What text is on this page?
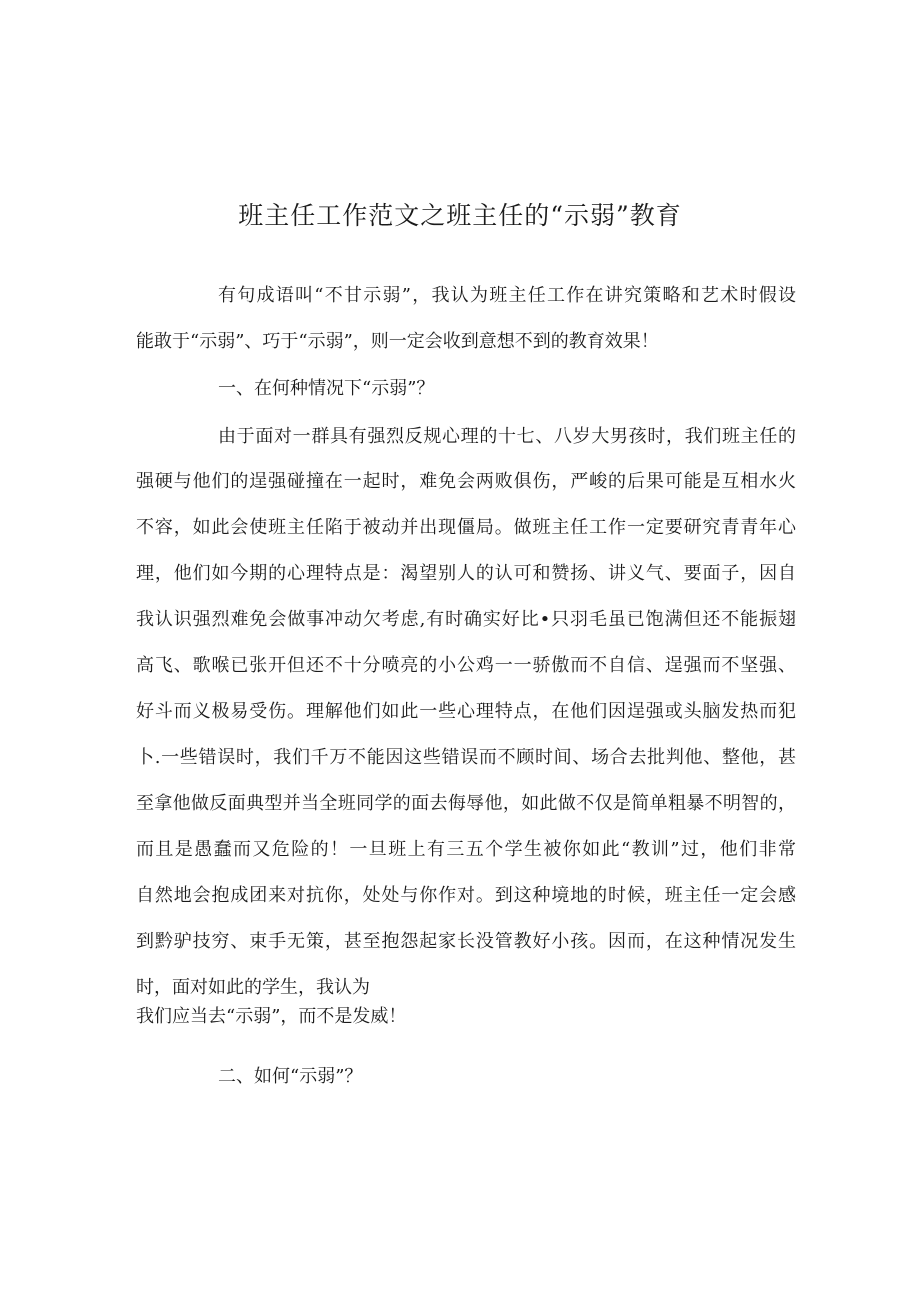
班主任工作范文之班主任的“示弱”教育
有句成语叫“不甘示弱”，我认为班主任工作在讲究策略和艺术时假设
能敢于“示弱”、巧于“示弱”，则一定会收到意想不到的教育效果！
一、在何种情况下“示弱”？
由于面对一群具有强烈反规心理的十七、八岁大男孩时，我们班主任的
强硬与他们的逞强碰撞在一起时，难免会两败俱伤，严峻的后果可能是互相水火
不容，如此会使班主任陷于被动并出现僵局。做班主任工作一定要研究青青年心
理，他们如今期的心理特点是：渴望别人的认可和赞扬、讲义气、要面子，因自
我认识强烈难免会做事冲动欠考虑,有时确实好比•只羽毛虽已饱满但还不能振翅
高飞、歌喉已张开但还不十分喷亮的小公鸡一一骄傲而不自信、逞强而不坚强、
好斗而义极易受伤。理解他们如此一些心理特点，在他们因逞强或头脑发热而犯
卜.一些错误时，我们千万不能因这些错误而不顾时间、场合去批判他、整他，甚
至拿他做反面典型并当全班同学的面去侮辱他，如此做不仅是简单粗暴不明智的，
而且是愚蠢而又危险的！一旦班上有三五个学生被你如此“教训”过，他们非常
自然地会抱成团来对抗你，处处与你作对。到这种境地的时候，班主任一定会感
到黔驴技穷、束手无策，甚至抱怨起家长没管教好小孩。因而，在这种情况发生
时，面对如此的学生，我认为
我们应当去“示弱”，而不是发威！
二、如何“示弱”？
